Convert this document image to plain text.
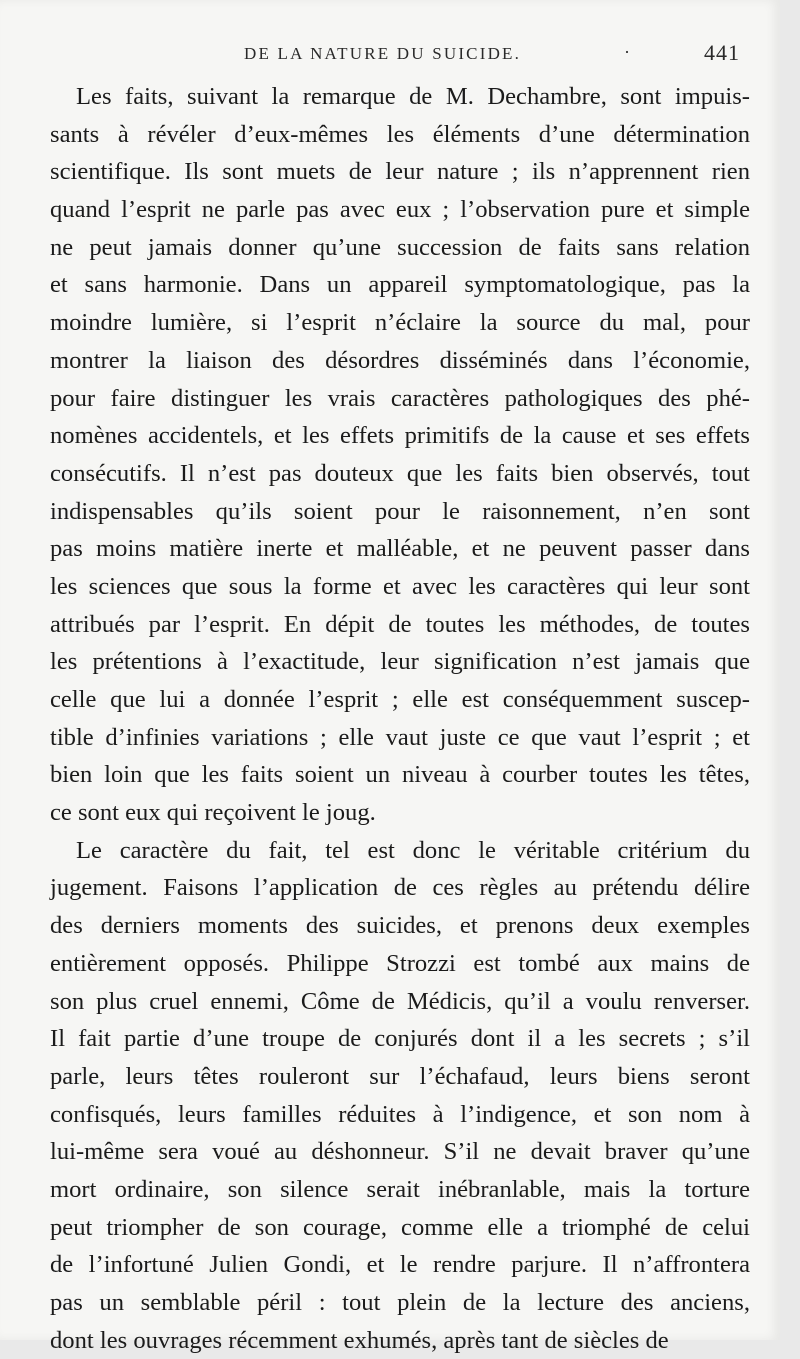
DE LA NATURE DU SUICIDE.	·	441
Les faits, suivant la remarque de M. Dechambre, sont impuis-
sants à révéler d’eux-mêmes les éléments d’une détermination
scientifique. Ils sont muets de leur nature ; ils n’apprennent rien
quand l’esprit ne parle pas avec eux ; l’observation pure et simple
ne peut jamais donner qu’une succession de faits sans relation
et sans harmonie. Dans un appareil symptomatologique, pas la
moindre lumière, si l’esprit n’éclaire la source du mal, pour
montrer la liaison des désordres disséminés dans l’économie,
pour faire distinguer les vrais caractères pathologiques des phé-
nomènes accidentels, et les effets primitifs de la cause et ses effets
consécutifs. Il n’est pas douteux que les faits bien observés, tout
indispensables qu’ils soient pour le raisonnement, n’en sont
pas moins matière inerte et malléable, et ne peuvent passer dans
les sciences que sous la forme et avec les caractères qui leur sont
attribués par l’esprit. En dépit de toutes les méthodes, de toutes
les prétentions à l’exactitude, leur signification n’est jamais que
celle que lui a donnée l’esprit ; elle est conséquemment suscep-
tible d’infinies variations ; elle vaut juste ce que vaut l’esprit ; et
bien loin que les faits soient un niveau à courber toutes les têtes,
ce sont eux qui reçoivent le joug.
Le caractère du fait, tel est donc le véritable critérium du
jugement. Faisons l’application de ces règles au prétendu délire
des derniers moments des suicides, et prenons deux exemples
entièrement opposés. Philippe Strozzi est tombé aux mains de
son plus cruel ennemi, Côme de Médicis, qu’il a voulu renverser.
Il fait partie d’une troupe de conjurés dont il a les secrets ; s’il
parle, leurs têtes rouleront sur l’échafaud, leurs biens seront
confisqués, leurs familles réduites à l’indigence, et son nom à
lui-même sera voué au déshonneur. S’il ne devait braver qu’une
mort ordinaire, son silence serait inébranlable, mais la torture
peut triompher de son courage, comme elle a triomphé de celui
de l’infortuné Julien Gondi, et le rendre parjure. Il n’affrontera
pas un semblable péril : tout plein de la lecture des anciens,
dont les ouvrages récemment exhumés, après tant de siècles de
